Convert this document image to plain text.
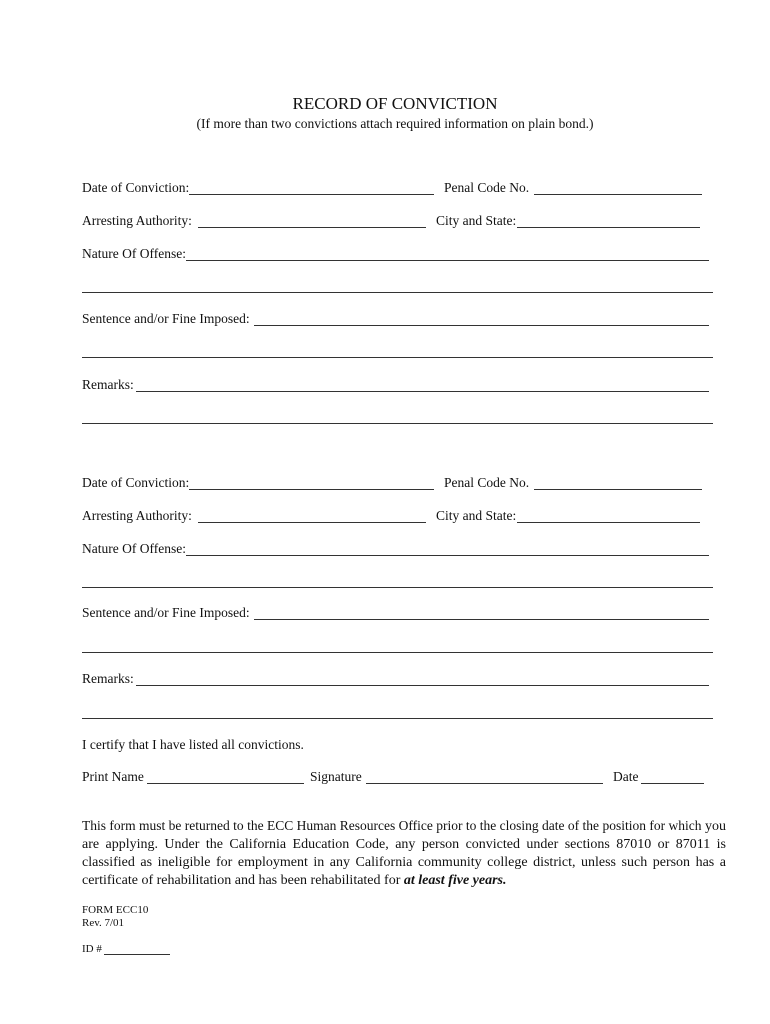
RECORD OF CONVICTION
(If more than two convictions attach required information on plain bond.)
Date of Conviction:	Penal Code No.
Arresting Authority:	City and State:
Nature Of Offense:
Sentence and/or Fine Imposed:
Remarks:
Date of Conviction:	Penal Code No.
Arresting Authority:	City and State:
Nature Of Offense:
Sentence and/or Fine Imposed:
Remarks:
I certify that I have listed all convictions.
Print Name	Signature	Date
This form must be returned to the ECC Human Resources Office prior to the closing date of the position for which you are applying. Under the California Education Code, any person convicted under sections 87010 or 87011 is classified as ineligible for employment in any California community college district, unless such person has a certificate of rehabilitation and has been rehabilitated for at least five years.
FORM ECC10
Rev. 7/01
ID #
